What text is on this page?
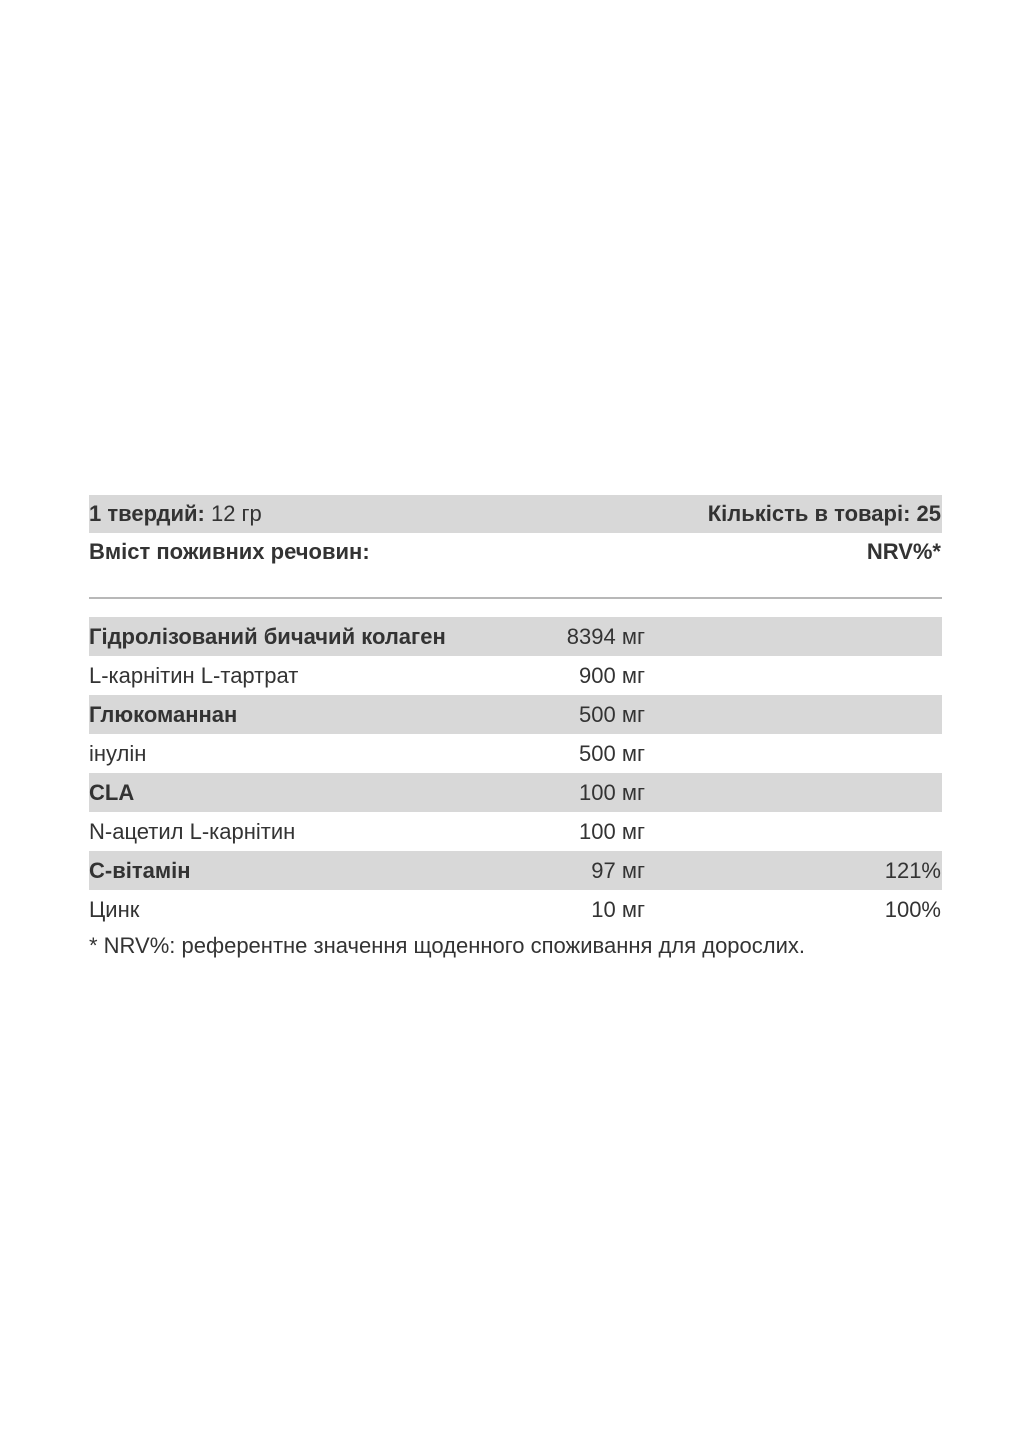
1 твердий: 12 гр	Кількість в товарі: 25
Вміст поживних речовин:	NRV%*
Гідролізований бичачий колаген	8394 мг
L-карнітин L-тартрат	900 мг
Глюкоманнан	500 мг
інулін	500 мг
CLA	100 мг
N-ацетил L-карнітин	100 мг
С-вітамін	97 мг	121%
Цинк	10 мг	100%
* NRV%: референтне значення щоденного споживання для дорослих.
